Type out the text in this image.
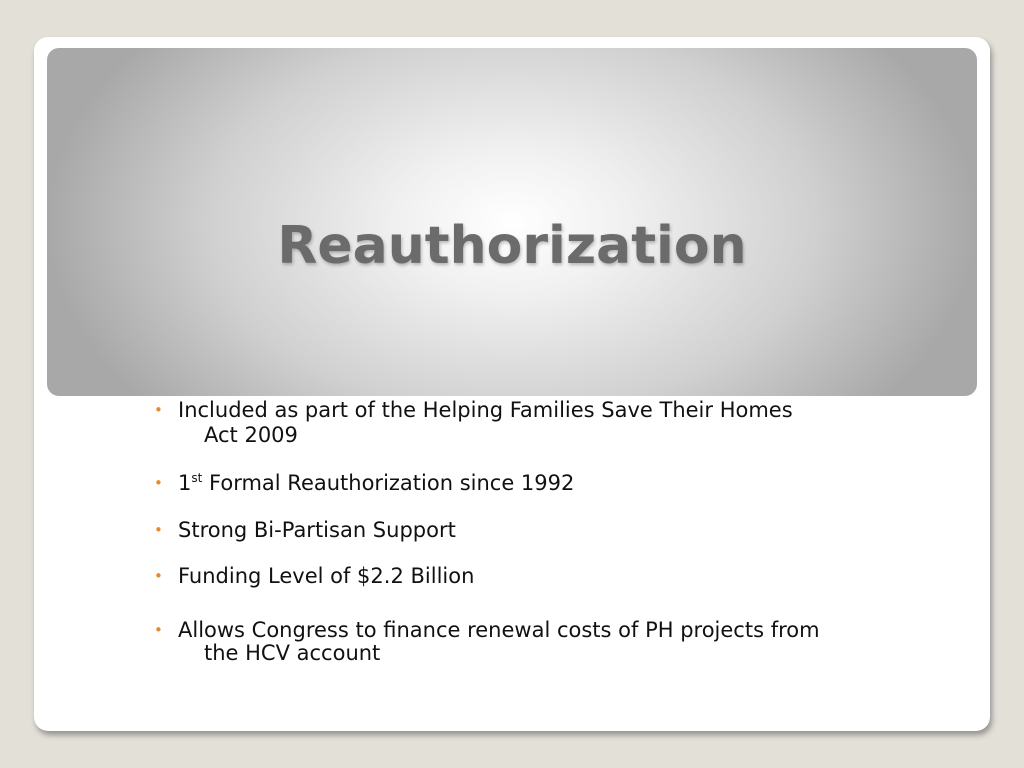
Reauthorization
• Included as part of the Helping Families Save Their Homes
Act 2009
• 1st Formal Reauthorization since 1992
• Strong Bi-Partisan Support
• Funding Level of $2.2 Billion
• Allows Congress to finance renewal costs of PH projects from
the HCV account
